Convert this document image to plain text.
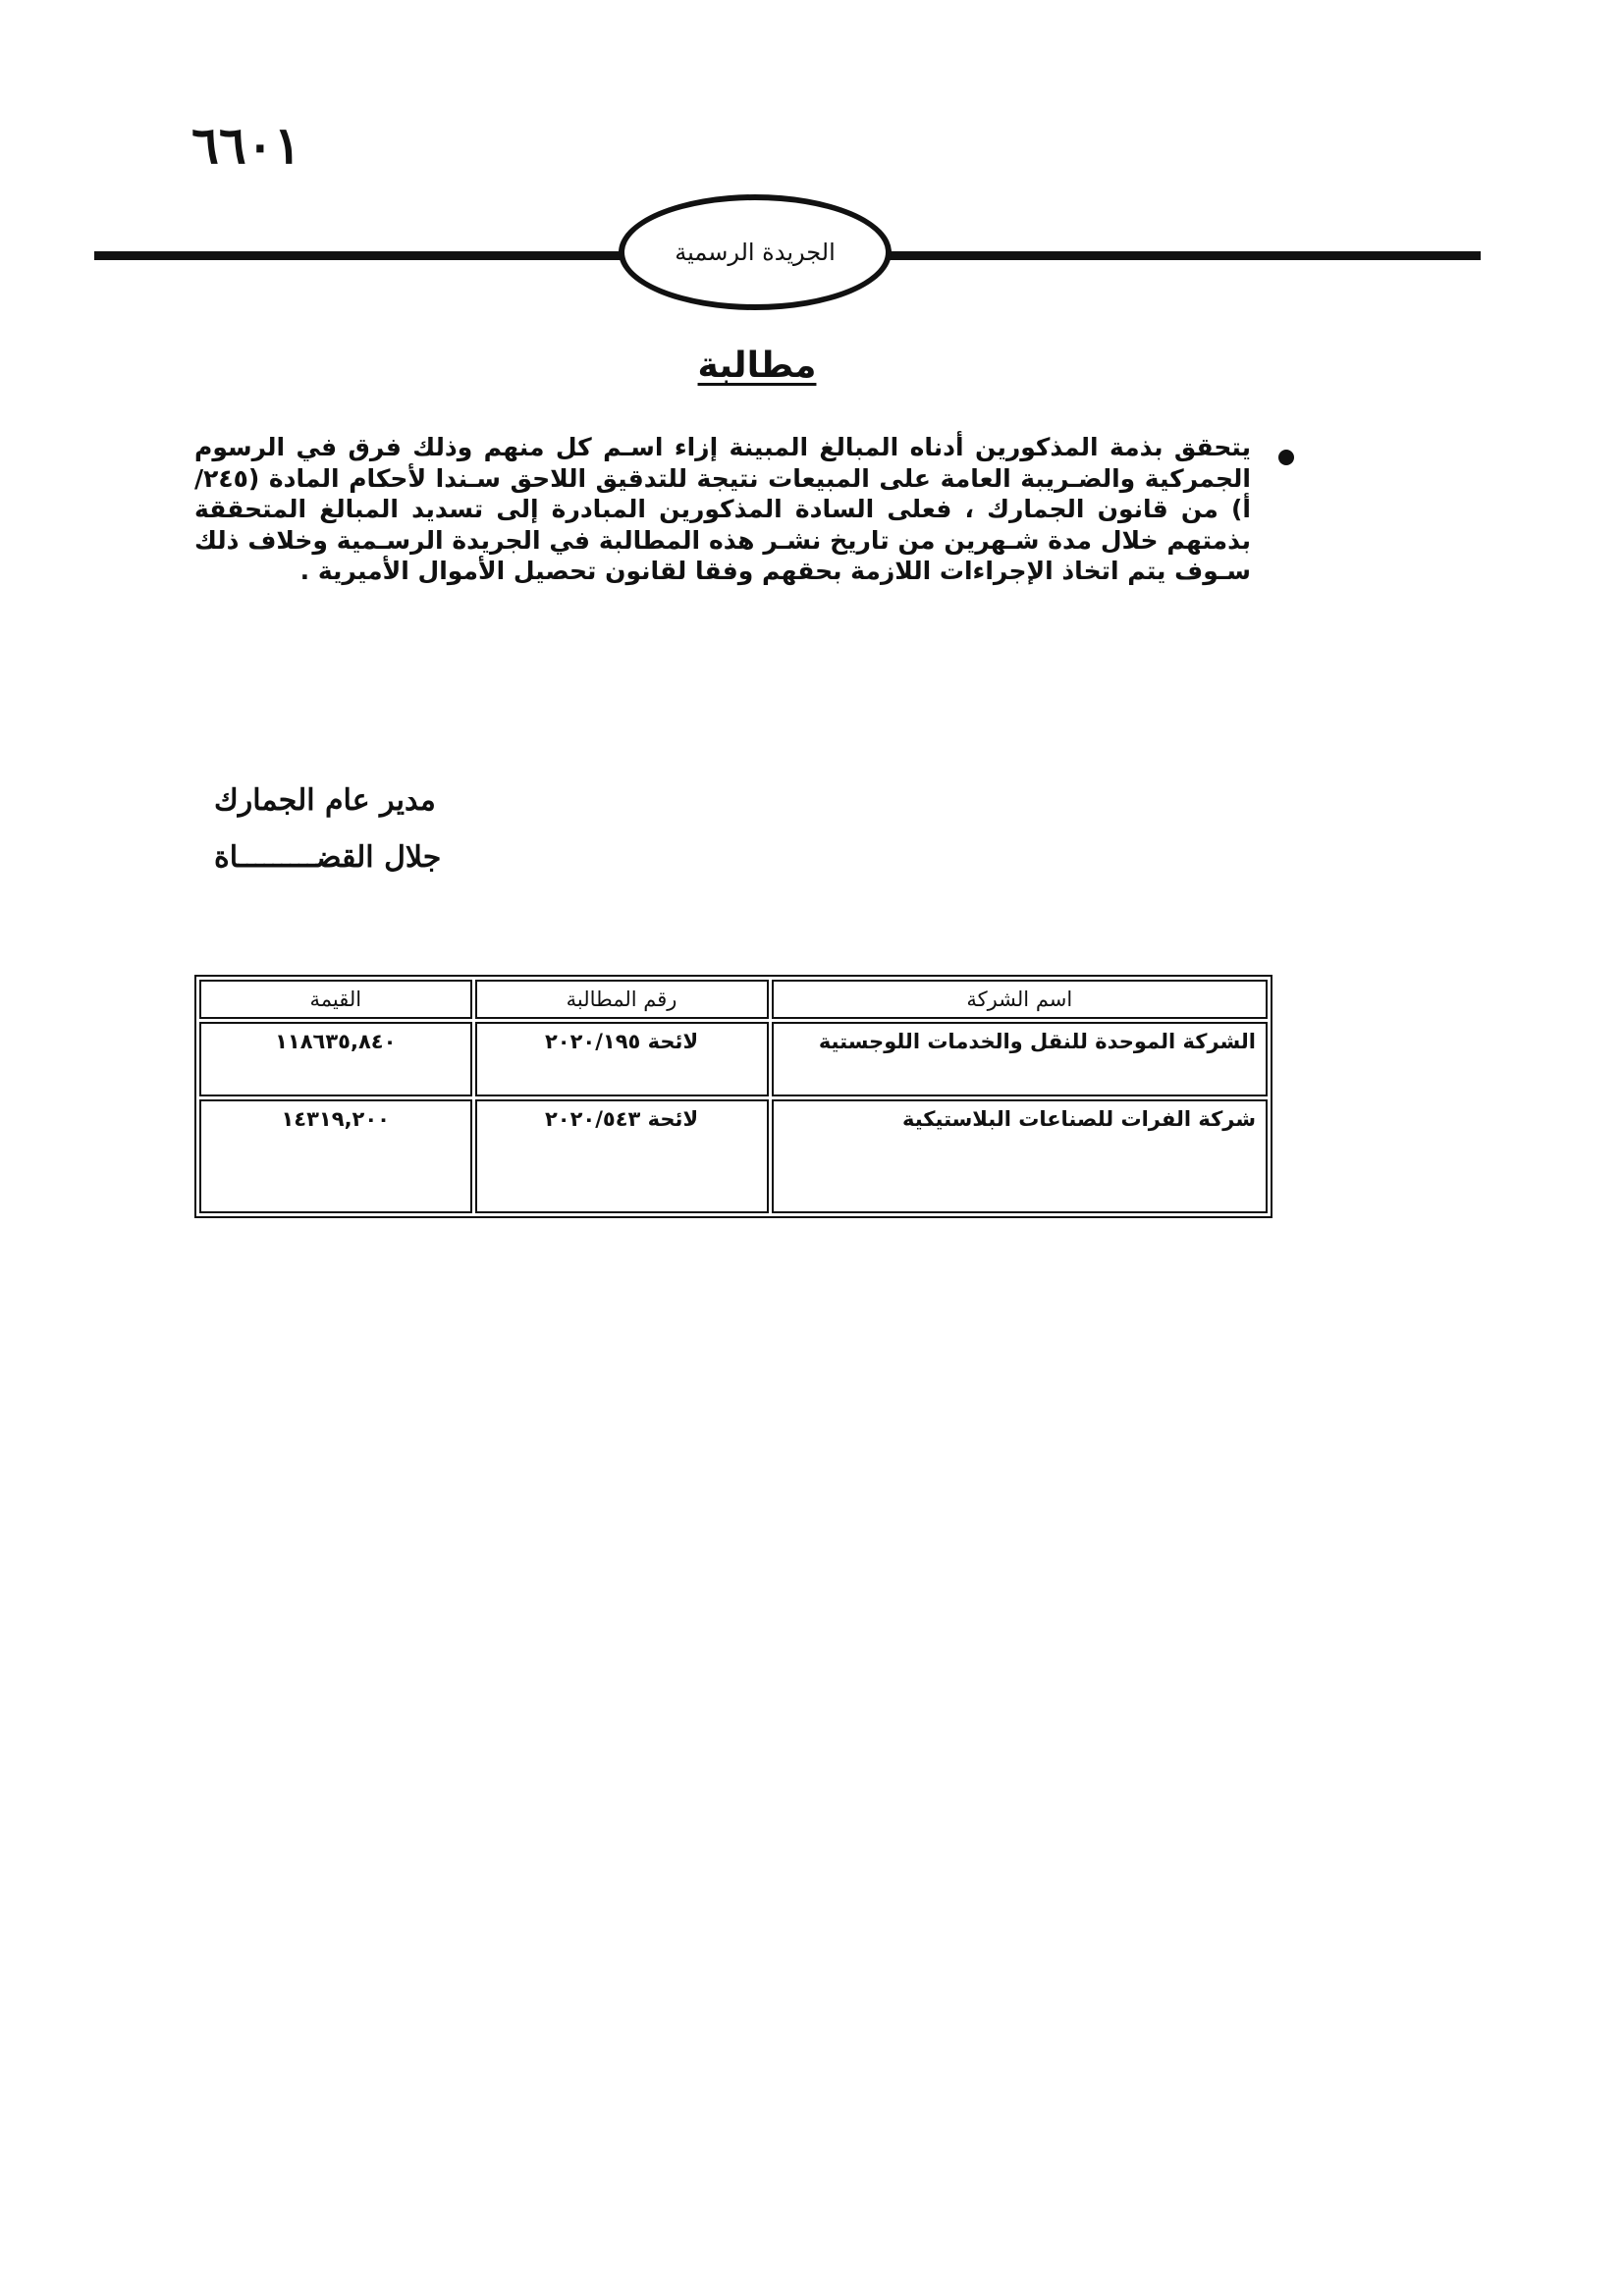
٦٦٠١
الجريدة الرسمية
مطالبة
يتحقق بذمة المذكورين أدناه المبالغ المبينة إزاء اسـم كل منهم وذلك فرق في الرسوم الجمركية والضـريبة العامة على المبيعات نتيجة للتدقيق اللاحق سـندا لأحكام المادة (٢٤٥/أ) من قانون الجمارك ، فعلى السادة المذكورين المبادرة إلى تسديد المبالغ المتحققة بذمتهم خلال مدة شـهرين من تاريخ نشـر هذه المطالبة في الجريدة الرسـمية وخلاف ذلك سـوف يتم اتخاذ الإجراءات اللازمة بحقهم وفقا لقانون تحصيل الأموال الأميرية .
مدير عام الجمارك
جلال القضـــــــــاة
اسم الشركة	رقم المطالبة	القيمة
الشركة الموحدة للنقل والخدمات اللوجستية	لائحة ٢٠٢٠/١٩٥	١١٨٦٣٥,٨٤٠
شركة الفرات للصناعات البلاستيكية	لائحة ٢٠٢٠/٥٤٣	١٤٣١٩,٢٠٠
